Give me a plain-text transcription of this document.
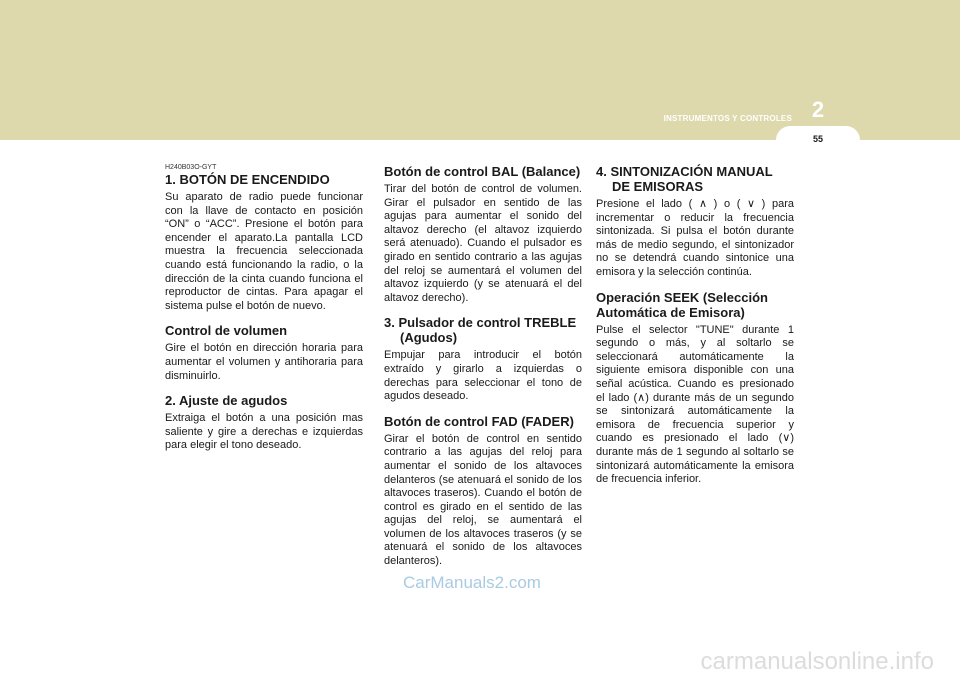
INSTRUMENTOS Y CONTROLES 2
55

H240B03O-GYT

1. BOTÓN DE ENCENDIDO

Su aparato de radio puede funcionar con la llave de contacto en posición “ON” o “ACC”. Presione el botón para encender el aparato.La pantalla LCD muestra la frecuencia seleccionada cuando está funcionando la radio, o la dirección de la cinta cuando funciona el reproductor de cintas. Para apagar el sistema pulse el botón de nuevo.

Control de volumen

Gire el botón en dirección horaria para aumentar el volumen y antihoraria para disminuirlo.

2. Ajuste de agudos

Extraiga el botón a una posición mas saliente y gire a derechas e izquierdas para elegir el tono deseado.

Botón de control BAL (Balance)

Tirar del botón de control de volumen. Girar el pulsador en sentido de las agujas para aumentar el sonido del altavoz derecho (el altavoz izquierdo será atenuado). Cuando el pulsador es girado en sentido contrario a las agujas del reloj se aumentará el volumen del altavoz izquierdo (y se atenuará el del altavoz derecho).

3. Pulsador de control TREBLE (Agudos)

Empujar para introducir el botón extraído y girarlo a izquierdas o derechas para seleccionar el tono de agudos deseado.

Botón de control FAD (FADER)

Girar el botón de control en sentido contrario a las agujas del reloj para aumentar el sonido de los altavoces delanteros (se atenuará el sonido de los altavoces traseros). Cuando el botón de control es girado en el sentido de las agujas del reloj, se aumentará el volumen de los altavoces traseros (y se atenuará el sonido de los altavoces delanteros).

4. SINTONIZACIÓN MANUAL DE EMISORAS

Presione el lado ( ∧ ) o ( ∨ ) para incrementar o reducir la frecuencia sintonizada. Si pulsa el botón durante más de medio segundo, el sintonizador no se detendrá cuando sintonice una emisora y la selección continúa.

Operación SEEK (Selección Automática de Emisora)

Pulse el selector "TUNE" durante 1 segundo o más, y al soltarlo se seleccionará automáticamente la siguiente emisora disponible con una señal acústica. Cuando es presionado el lado (∧) durante más de un segundo se sintonizará automáticamente la emisora de frecuencia superior y cuando es presionado el lado (∨) durante más de 1 segundo al soltarlo se sintonizará automáticamente la emisora de frecuencia inferior.

CarManuals2.com
carmanualsonline.info
